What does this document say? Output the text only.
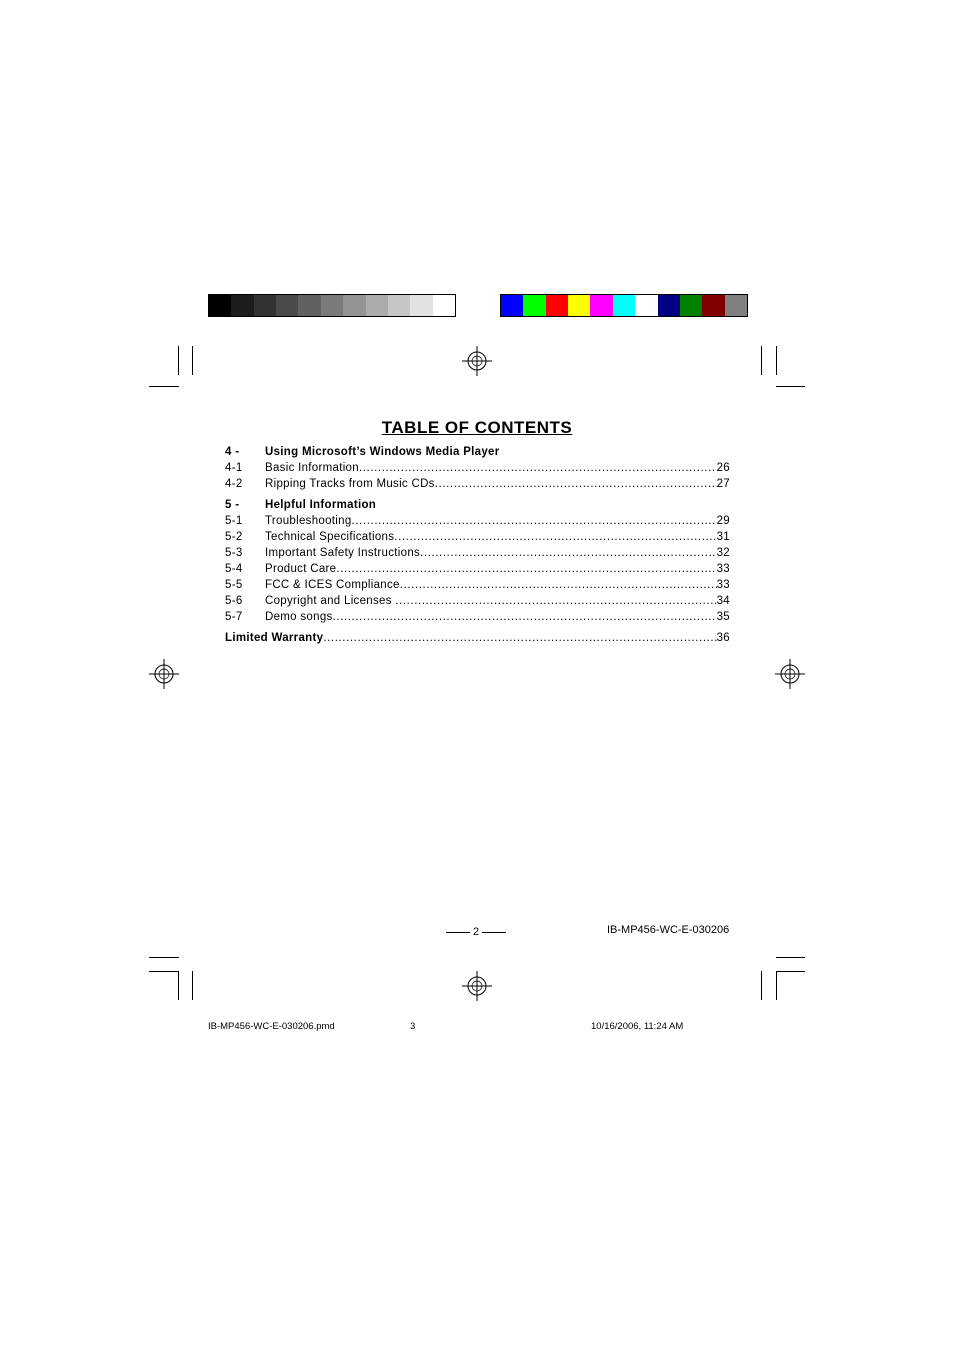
TABLE OF CONTENTS
4 -	Using Microsoft’s Windows Media Player
4-1	Basic Information .....	26
4-2	Ripping Tracks from Music CDs .....	27
5 -	Helpful Information
5-1	Troubleshooting .....	29
5-2	Technical Specifications .....	31
5-3	Important Safety Instructions .....	32
5-4	Product Care .....	33
5-5	FCC & ICES Compliance .....	33
5-6	Copyright and Licenses .....	34
5-7	Demo songs .....	35
Limited Warranty .....	36
2	IB-MP456-WC-E-030206
IB-MP456-WC-E-030206.pmd	3	10/16/2006, 11:24 AM
